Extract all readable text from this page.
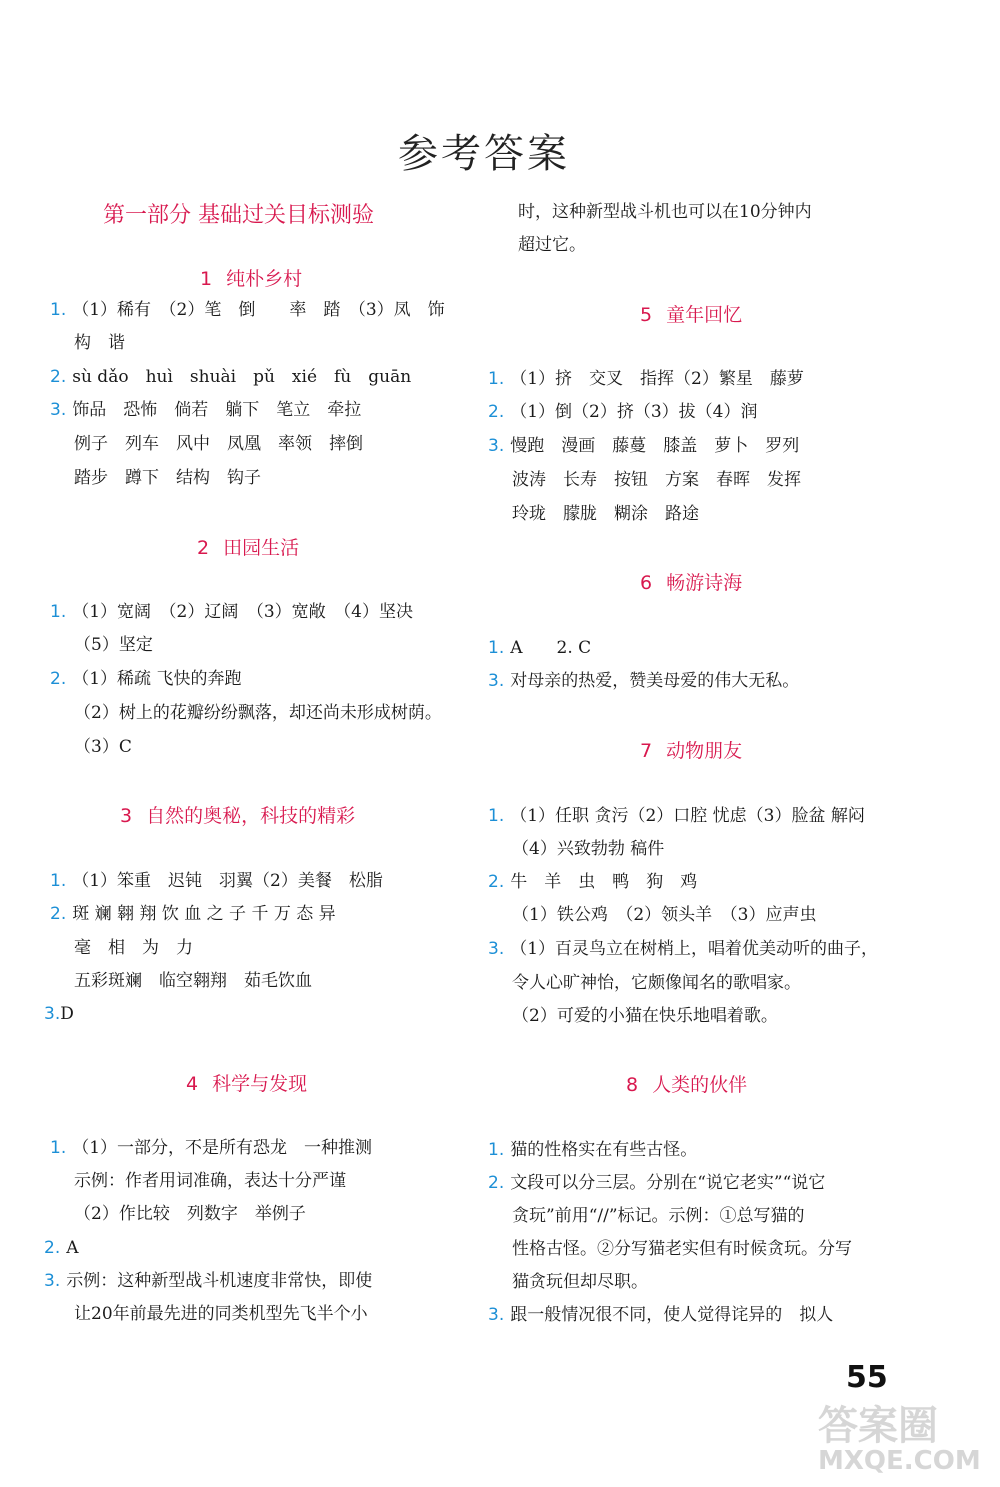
参考答案
第一部分 基础过关目标测验
1 纯朴乡村
2 田园生活
3 自然的奥秘，科技的精彩
4 科学与发现
5 童年回忆
6 畅游诗海
7 动物朋友
8 人类的伙伴
1. （1）稀有　（2）笔　倒　　率　踏　（3）凤　饰
构　谐
2. sù dǎo　huì　shuài　pǔ　xié　fù　guān
3. 饰品　恐怖　倘若　躺下　笔立　牵拉
例子　列车　风中　凤凰　率领　摔倒
踏步　蹲下　结构　钩子
1. （1）宽阔　（2）辽阔　（3）宽敞　（4）坚决
（5）坚定
2. （1）稀疏 飞快的奔跑
（2）树上的花瓣纷纷飘落，却还尚未形成树荫。
（3）C
1. （1）笨重　迟钝　羽翼（2）美餐　松脂
2. 斑 斓 翱 翔 饮 血 之 子 千 万 态 异
毫　相　为　力
五彩斑斓　临空翱翔　茹毛饮血
3.D
1. （1）一部分，不是所有恐龙　一种推测
示例：作者用词准确，表达十分严谨
（2）作比较　列数字　举例子
2. A
3. 示例：这种新型战斗机速度非常快，即使
让20年前最先进的同类机型先飞半个小
时，这种新型战斗机也可以在10分钟内
超过它。
1. （1）挤　交叉　指挥（2）繁星　藤萝
2. （1）倒（2）挤（3）拔（4）润
3. 慢跑　漫画　藤蔓　膝盖　萝卜　罗列
波涛　长寿　按钮　方案　春晖　发挥
玲珑　朦胧　糊涂　路途
1. A　　2. C
3. 对母亲的热爱，赞美母爱的伟大无私。
1. （1）任职 贪污（2）口腔 忧虑（3）脸盆 解闷
（4）兴致勃勃 稿件
2. 牛　羊　虫　鸭　狗　鸡
（1）铁公鸡　（2）领头羊　（3）应声虫
3. （1）百灵鸟立在树梢上，唱着优美动听的曲子，
令人心旷神怡，它颇像闻名的歌唱家。
（2）可爱的小猫在快乐地唱着歌。
1. 猫的性格实在有些古怪。
2. 文段可以分三层。分别在“说它老实”“说它
贪玩”前用“//”标记。示例：①总写猫的
性格古怪。②分写猫老实但有时候贪玩。分写
猫贪玩但却尽职。
3. 跟一般情况很不同，使人觉得诧异的　拟人
55
答案圈
MXQE.COM
